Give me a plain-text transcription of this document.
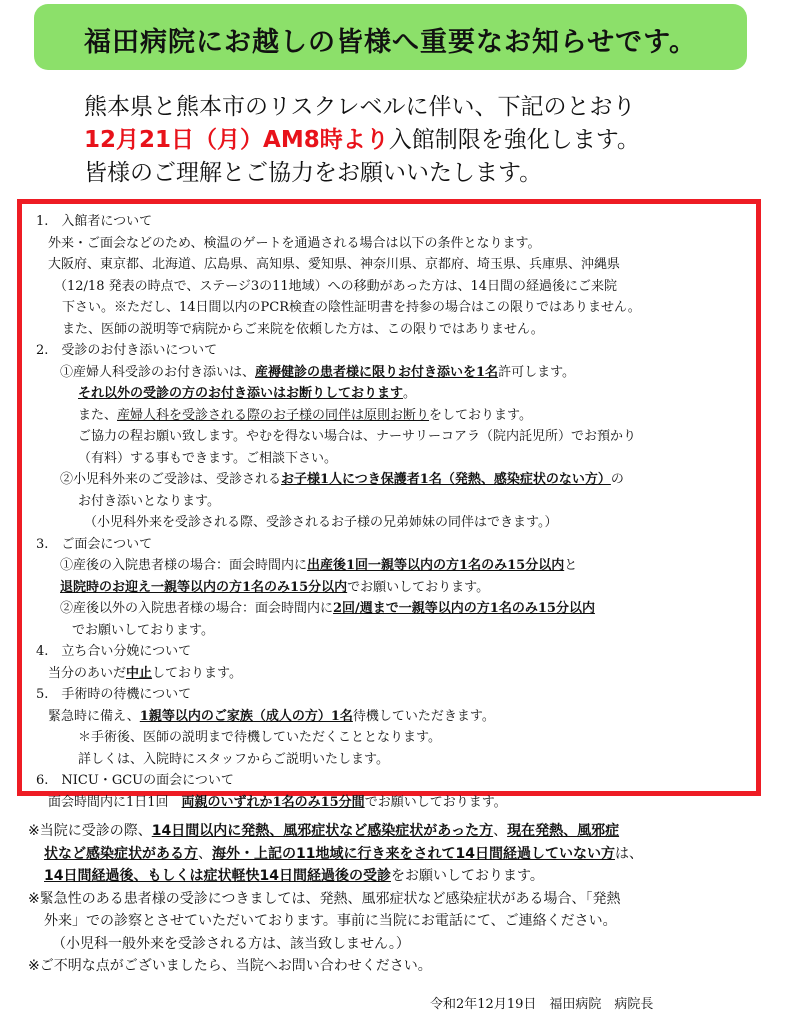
福田病院にお越しの皆様へ重要なお知らせです。
熊本県と熊本市のリスクレベルに伴い、下記のとおり
12月21日（月）AM8時より入館制限を強化します。
皆様のご理解とご協力をお願いいたします。
1.　入館者について
外来・ご面会などのため、検温のゲートを通過される場合は以下の条件となります。
大阪府、東京都、北海道、広島県、高知県、愛知県、神奈川県、京都府、埼玉県、兵庫県、沖縄県
（12/18 発表の時点で、ステージ3の11地域）への移動があった方は、14日間の経過後にご来院
下さい。※ただし、14日間以内のPCR検査の陰性証明書を持参の場合はこの限りではありません。
また、医師の説明等で病院からご来院を依頼した方は、この限りではありません。
2.　受診のお付き添いについて
①産婦人科受診のお付き添いは、産褥健診の患者様に限りお付き添いを1名許可します。
それ以外の受診の方のお付き添いはお断りしております。
また、産婦人科を受診される際のお子様の同伴は原則お断りをしております。
ご協力の程お願い致します。やむを得ない場合は、ナーサリーコアラ（院内託児所）でお預かり
（有料）する事もできます。ご相談下さい。
②小児科外来のご受診は、受診されるお子様1人につき保護者1名（発熱、感染症状のない方）の
お付き添いとなります。
（小児科外来を受診される際、受診されるお子様の兄弟姉妹の同伴はできます。）
3.　ご面会について
①産後の入院患者様の場合：面会時間内に出産後1回一親等以内の方1名のみ15分以内と
退院時のお迎え一親等以内の方1名のみ15分以内でお願いしております。
②産後以外の入院患者様の場合：面会時間内に2回/週まで一親等以内の方1名のみ15分以内
でお願いしております。
4.　立ち合い分娩について
当分のあいだ中止しております。
5.　手術時の待機について
緊急時に備え、1親等以内のご家族（成人の方）1名待機していただきます。
＊手術後、医師の説明まで待機していただくこととなります。
詳しくは、入院時にスタッフからご説明いたします。
6.　NICU・GCUの面会について
面会時間内に1日1回　両親のいずれか1名のみ15分間でお願いしております。
※当院に受診の際、14日間以内に発熱、風邪症状など感染症状があった方、現在発熱、風邪症
状など感染症状がある方、海外・上記の11地域に行き来をされて14日間経過していない方は、
14日間経過後、もしくは症状軽快14日間経過後の受診をお願いしております。
※緊急性のある患者様の受診につきましては、発熱、風邪症状など感染症状がある場合、「発熱
外来」での診察とさせていただいております。事前に当院にお電話にて、ご連絡ください。
（小児科一般外来を受診される方は、該当致しません。）
※ご不明な点がございましたら、当院へお問い合わせください。
令和2年12月19日　福田病院　病院長
